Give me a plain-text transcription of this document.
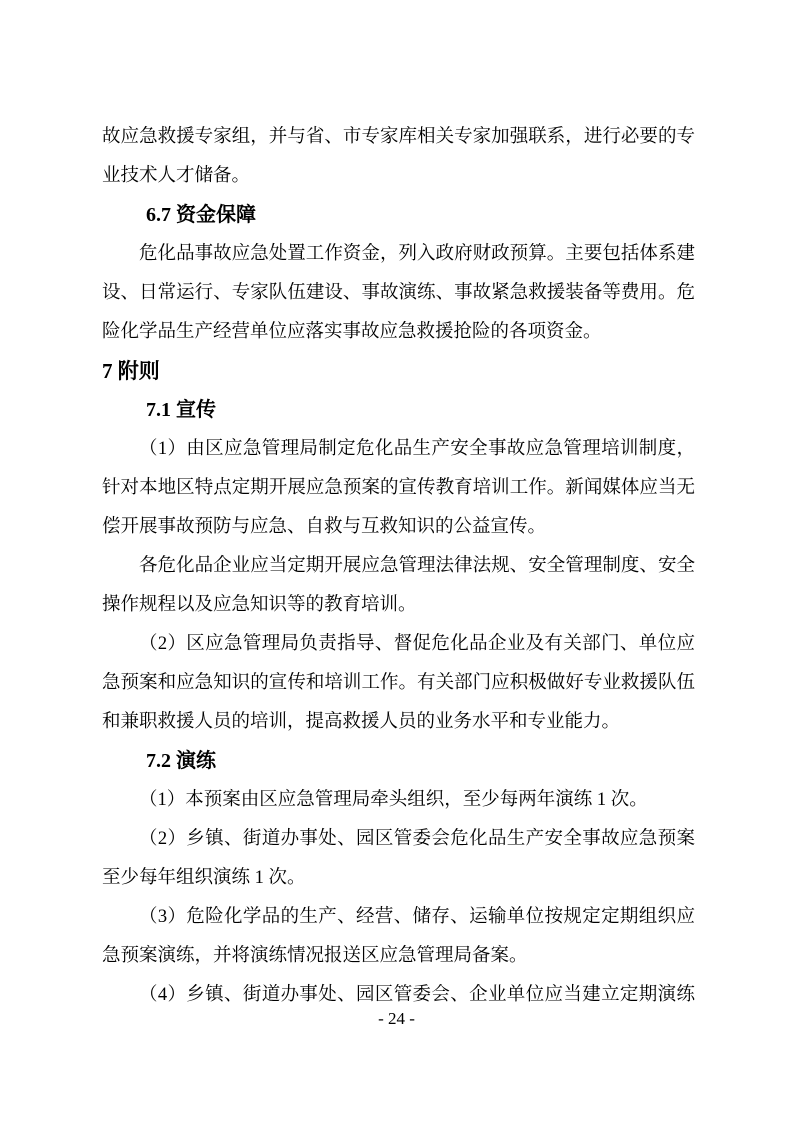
故应急救援专家组，并与省、市专家库相关专家加强联系，进行必要的专
业技术人才储备。
6.7 资金保障
危化品事故应急处置工作资金，列入政府财政预算。主要包括体系建
设、日常运行、专家队伍建设、事故演练、事故紧急救援装备等费用。危
险化学品生产经营单位应落实事故应急救援抢险的各项资金。
7 附则
7.1 宣传
（1）由区应急管理局制定危化品生产安全事故应急管理培训制度，
针对本地区特点定期开展应急预案的宣传教育培训工作。新闻媒体应当无
偿开展事故预防与应急、自救与互救知识的公益宣传。
各危化品企业应当定期开展应急管理法律法规、安全管理制度、安全
操作规程以及应急知识等的教育培训。
（2）区应急管理局负责指导、督促危化品企业及有关部门、单位应
急预案和应急知识的宣传和培训工作。有关部门应积极做好专业救援队伍
和兼职救援人员的培训，提高救援人员的业务水平和专业能力。
7.2 演练
（1）本预案由区应急管理局牵头组织，至少每两年演练 1 次。
（2）乡镇、街道办事处、园区管委会危化品生产安全事故应急预案
至少每年组织演练 1 次。
（3）危险化学品的生产、经营、储存、运输单位按规定定期组织应
急预案演练，并将演练情况报送区应急管理局备案。
（4）乡镇、街道办事处、园区管委会、企业单位应当建立定期演练
- 24 -
